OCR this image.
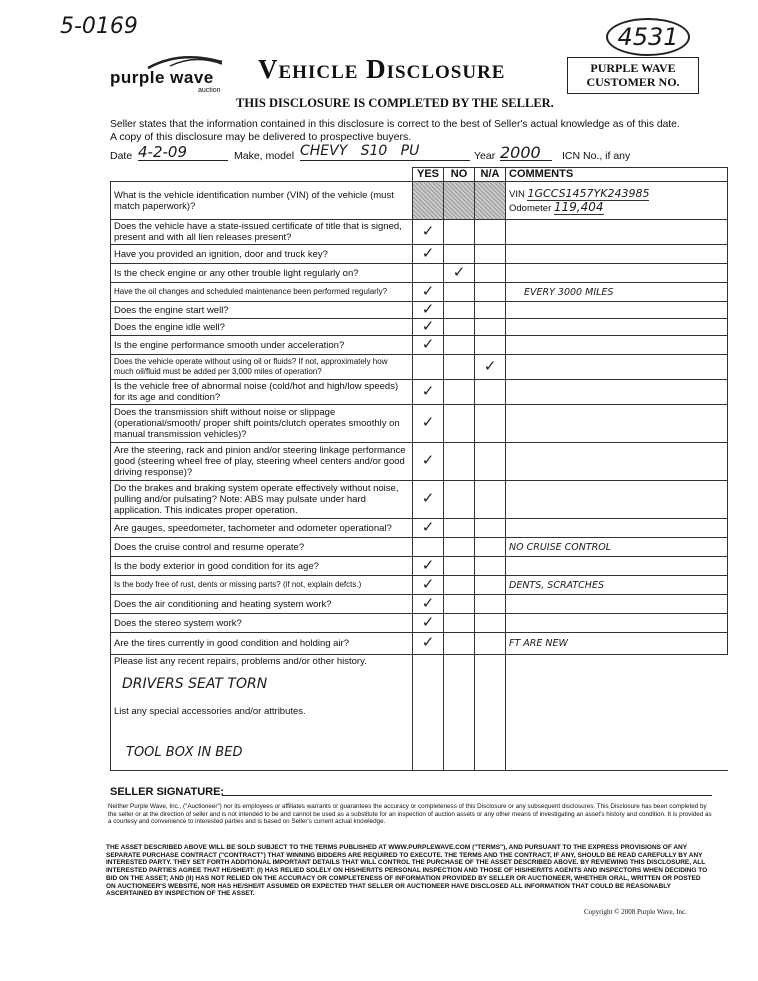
5-0169	4531
purple wave
auction
Vehicle Disclosure
THIS DISCLOSURE IS COMPLETED BY THE SELLER.
PURPLE WAVE
CUSTOMER NO.
Seller states that the information contained in this disclosure is correct to the best of Seller's actual knowledge as of this date.
A copy of this disclosure may be delivered to prospective buyers.
Date 4-2-09	Make, model CHEVY   S10   PU	Year 2000	ICN No., if any
	YES	NO	N/A	COMMENTS
What is the vehicle identification number (VIN) of the vehicle (must match paperwork)?				VIN 1GCCS1457YK243985
Odometer 119,404

Does the vehicle have a state-issued certificate of title that is signed, present and with all lien releases present?	✓			
Have you provided an ignition, door and truck key?	✓			
Is the check engine or any other trouble light regularly on?		✓		
Have the oil changes and scheduled maintenance been performed regularly?	✓			EVERY 3000 MILES
Does the engine start well?	✓			
Does the engine idle well?	✓			
Is the engine performance smooth under acceleration?	✓			
Does the vehicle operate without using oil or fluids? If not, approximately how much oil/fluid must be added per 3,000 miles of operation?			✓	
Is the vehicle free of abnormal noise (cold/hot and high/low speeds) for its age and condition?	✓			
Does the transmission shift without noise or slippage (operational/smooth/ proper shift points/clutch operates smoothly on manual transmission vehicles)?	✓			
Are the steering, rack and pinion and/or steering linkage performance good (steering wheel free of play, steering wheel centers and/or good driving response)?	✓			
Do the brakes and braking system operate effectively without noise, pulling and/or pulsating? Note: ABS may pulsate under hard application. This indicates proper operation.	✓			
Are gauges, speedometer, tachometer and odometer operational?	✓			
Does the cruise control and resume operate?				NO CRUISE CONTROL
Is the body exterior in good condition for its age?	✓			
Is the body free of rust, dents or missing parts? (if not, explain defcts.)	✓			DENTS, SCRATCHES
Does the air conditioning and heating system work?	✓			
Does the stereo system work?	✓			
Are the tires currently in good condition and holding air?	✓			FT ARE NEW

Please list any recent repairs, problems and/or other history.
DRIVERS SEAT TORN				

List any special accessories and/or attributes.
TOOL BOX IN BED				

SELLER SIGNATURE:
Neither Purple Wave, Inc., ("Auctioneer") nor its employees or affiliates warrants or guarantees the accuracy or completeness of this Disclosure or any subsequent disclosures. This Disclosure has been completed by the seller or at the direction of seller and is not intended to be and cannot be used as a substitute for an inspection of auction assets or any other means of investigating an asset's history and condition. It is provided as a courtesy and convenience to interested parties and is based on Seller's current actual knowledge.
THE ASSET DESCRIBED ABOVE WILL BE SOLD SUBJECT TO THE TERMS PUBLISHED AT WWW.PURPLEWAVE.COM ("TERMS"), AND PURSUANT TO THE EXPRESS PROVISIONS OF ANY SEPARATE PURCHASE CONTRACT ("CONTRACT") THAT WINNING BIDDERS ARE REQUIRED TO EXECUTE. THE TERMS AND THE CONTRACT, IF ANY, SHOULD BE READ CAREFULLY BY ANY INTERESTED PARTY. THEY SET FORTH ADDITIONAL IMPORTANT DETAILS THAT WILL CONTROL THE PURCHASE OF THE ASSET DESCRIBED ABOVE. BY REVIEWING THIS DISCLOSURE, ALL INTERESTED PARTIES AGREE THAT HE/SHE/IT: (I) HAS RELIED SOLELY ON HIS/HER/ITS PERSONAL INSPECTION AND THOSE OF HIS/HER/ITS AGENTS AND INSPECTORS WHEN DECIDING TO BID ON THE ASSET; AND (II) HAS NOT RELIED ON THE ACCURACY OR COMPLETENESS OF INFORMATION PROVIDED BY SELLER OR AUCTIONEER, WHETHER ORAL, WRITTEN OR POSTED ON AUCTIONEER'S WEBSITE, NOR HAS HE/SHE/IT ASSUMED OR EXPECTED THAT SELLER OR AUCTIONEER HAVE DISCLOSED ALL INFORMATION THAT COULD BE REASONABLY ASCERTAINED BY INSPECTION OF THE ASSET.
Copyright © 2008 Purple Wave, Inc.
